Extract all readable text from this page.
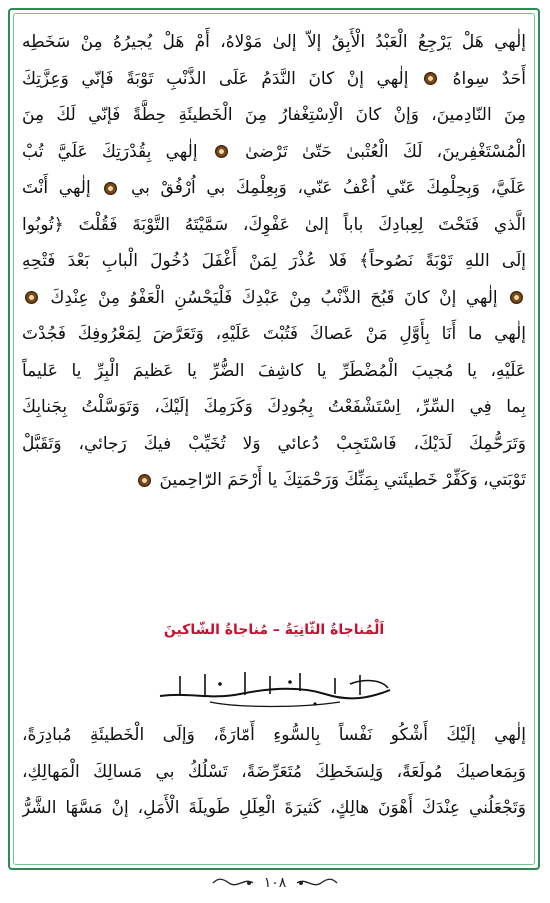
إلٰهي هَلْ يَرْجِعُ الْعَبْدُ الْأَبِقُ إلاّ إلىٰ مَوْلاهُ، أَمْ هَلْ يُجيرُهُ مِنْ سَخَطِه
أَحَدٌ سِواهُ  إلٰهي إنْ كانَ النَّدَمُ عَلَى الذَّنْبِ تَوْبَةً فَإنّي وَعِزَّتِكَ
مِنَ النّادِمينَ، وَإنْ كانَ الْاِسْتِغْفارُ مِنَ الْخَطيئَةِ حِطَّةً فَإنّي لَكَ مِنَ
الْمُسْتَغْفِرينَ، لَكَ الْعُتْبىٰ حَتّىٰ تَرْضىٰ  إلٰهي بِقُدْرَتِكَ عَلَيَّ تُبْ
عَلَيَّ، وَبِحِلْمِكَ عَنّي اُعْفُ عَنّي، وَبِعِلْمِكَ بي اُرْفُقْ بي  إلٰهي أَنْتَ
الَّذي فَتَحْتَ لِعِبادِكَ باباً إلىٰ عَفْوِكَ، سَمَّيْتَهُ التَّوْبَةَ فَقُلْتَ ﴿تُوبُوا
إلَى اللهِ تَوْبَةً نَصُوحاً﴾ فَلا عُذْرَ لِمَنْ أَغْفَلَ دُخُولَ الْبابِ بَعْدَ فَتْحِهِ
إلٰهي إنْ كانَ قَبُحَ الذَّنْبُ مِنْ عَبْدِكَ فَلْيَحْسُنِ الْعَفْوُ مِنْ عِنْدِكَ
إلٰهي ما أَنَا بِأَوَّلِ مَنْ عَصاكَ فَتُبْتَ عَلَيْهِ، وَتَعَرَّضَ لِمَعْرُوفِكَ فَجُدْتَ
عَلَيْهِ، يا مُجيبَ الْمُضْطَرِّ يا كاشِفَ الضُّرِّ يا عَظيمَ الْبِرِّ يا عَليماً
بِما فِي السِّرِّ، اِسْتَشْفَعْتُ بِجُودِكَ وَكَرَمِكَ إلَيْكَ، وَتَوَسَّلْتُ بِجَنابِكَ
وَتَرَحُّمِكَ لَدَيْكَ، فَاسْتَجِبْ دُعائي وَلا تُخَيِّبْ فيكَ رَجائي، وَتَقَبَّلْ
تَوْبَتي، وَكَفِّرْ خَطيئَتي بِمَنِّكَ وَرَحْمَتِكَ يا أَرْحَمَ الرّاحِمينَ
اَلْمُناجاةُ الثّانِيَةُ – مُناجاةُ الشّاكينَ
إلٰهي إلَيْكَ أَشْكُو نَفْساً بِالسُّوءِ أَمّارَةً، وَإلَى الْخَطيئَةِ مُبادِرَةً،
وَبِمَعاصيكَ مُولَعَةً، وَلِسَخَطِكَ مُتَعَرِّضَةً، تَسْلُكُ بي مَسالِكَ الْمَهالِكِ،
وَتَجْعَلُني عِنْدَكَ أَهْوَنَ هالِكٍ، كَثيرَةَ الْعِلَلِ طَويلَةَ الْأَمَلِ، إنْ مَسَّهَا الشَّرُّ
١٠٨
